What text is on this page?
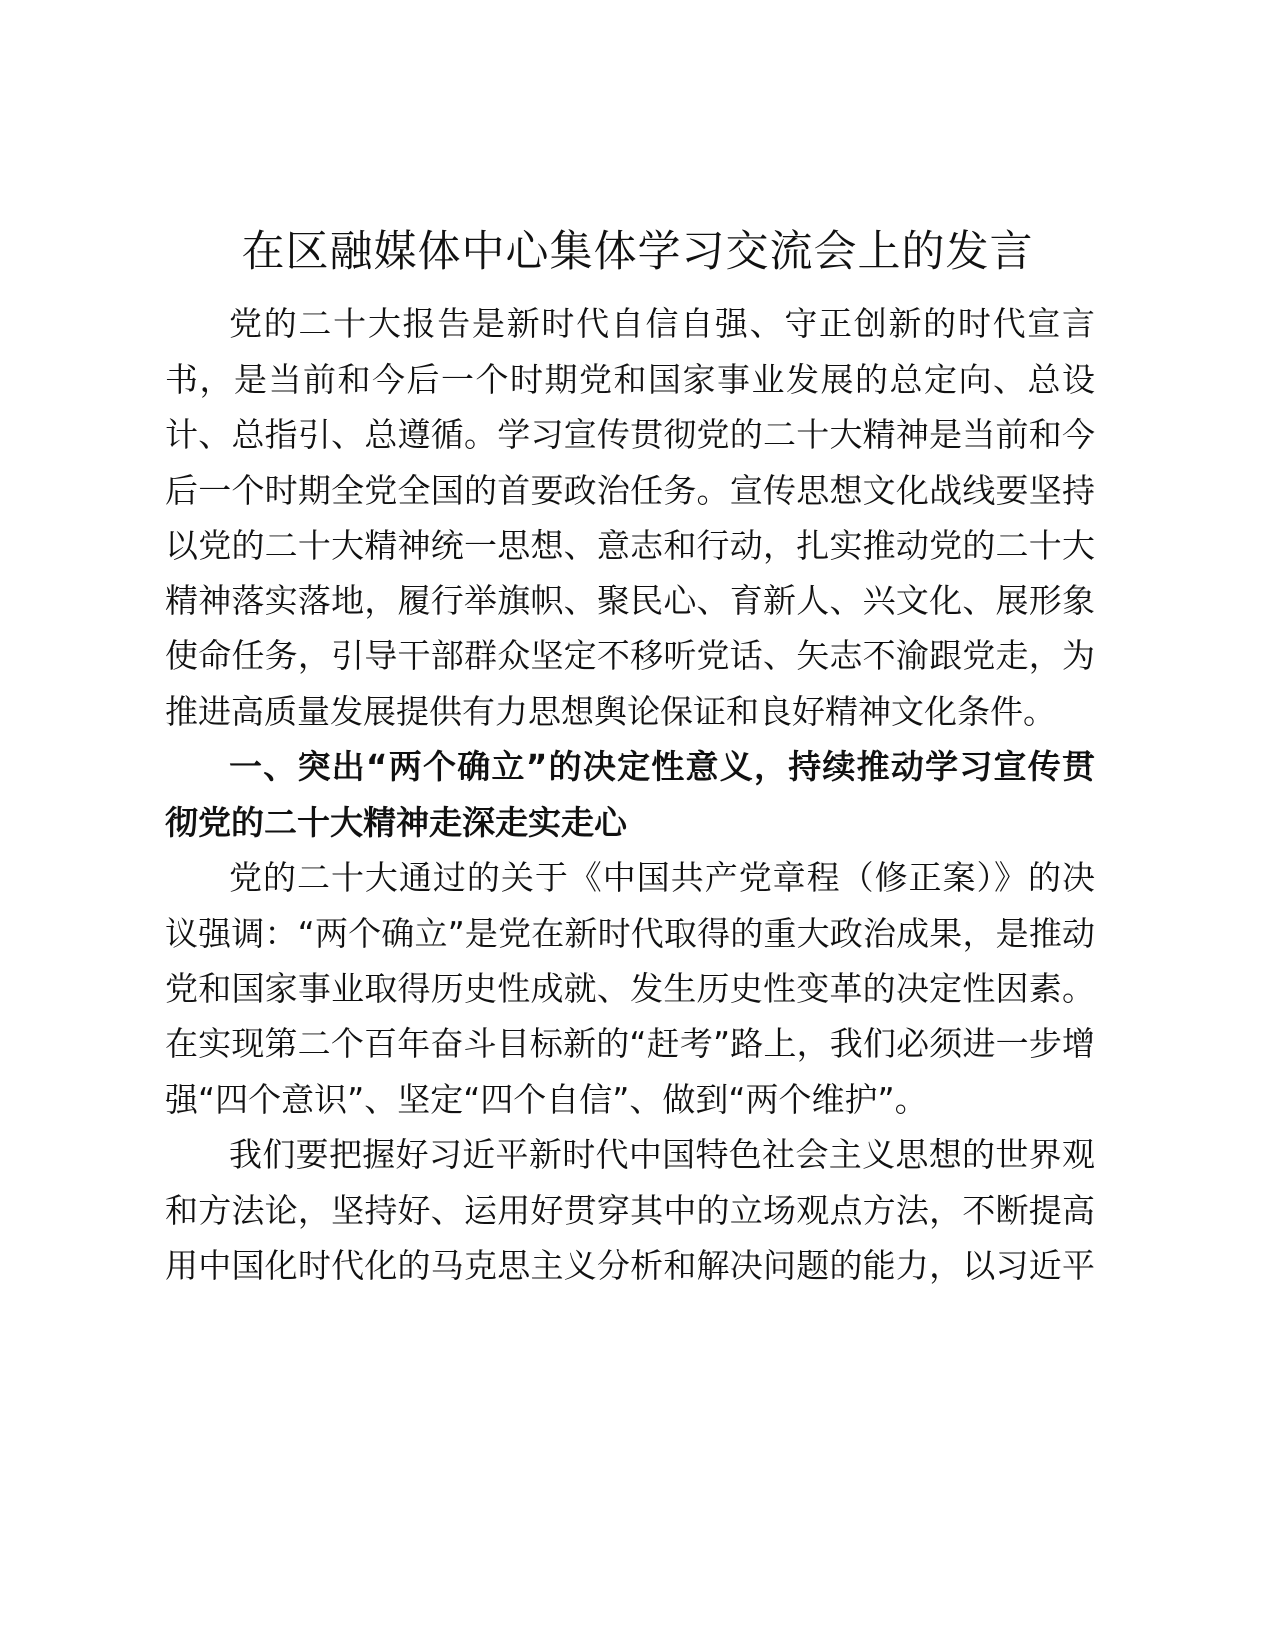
在区融媒体中心集体学习交流会上的发言
党的二十大报告是新时代自信自强、守正创新的时代宣言
书，是当前和今后一个时期党和国家事业发展的总定向、总设
计、总指引、总遵循。学习宣传贯彻党的二十大精神是当前和今
后一个时期全党全国的首要政治任务。宣传思想文化战线要坚持
以党的二十大精神统一思想、意志和行动，扎实推动党的二十大
精神落实落地，履行举旗帜、聚民心、育新人、兴文化、展形象
使命任务，引导干部群众坚定不移听党话、矢志不渝跟党走，为
推进高质量发展提供有力思想舆论保证和良好精神文化条件。
一、突出“两个确立”的决定性意义，持续推动学习宣传贯
彻党的二十大精神走深走实走心
党的二十大通过的关于《中国共产党章程（修正案）》的决
议强调：“两个确立”是党在新时代取得的重大政治成果，是推动
党和国家事业取得历史性成就、发生历史性变革的决定性因素。
在实现第二个百年奋斗目标新的“赶考”路上，我们必须进一步增
强“四个意识”、坚定“四个自信”、做到“两个维护”。
我们要把握好习近平新时代中国特色社会主义思想的世界观
和方法论，坚持好、运用好贯穿其中的立场观点方法，不断提高
用中国化时代化的马克思主义分析和解决问题的能力，以习近平
